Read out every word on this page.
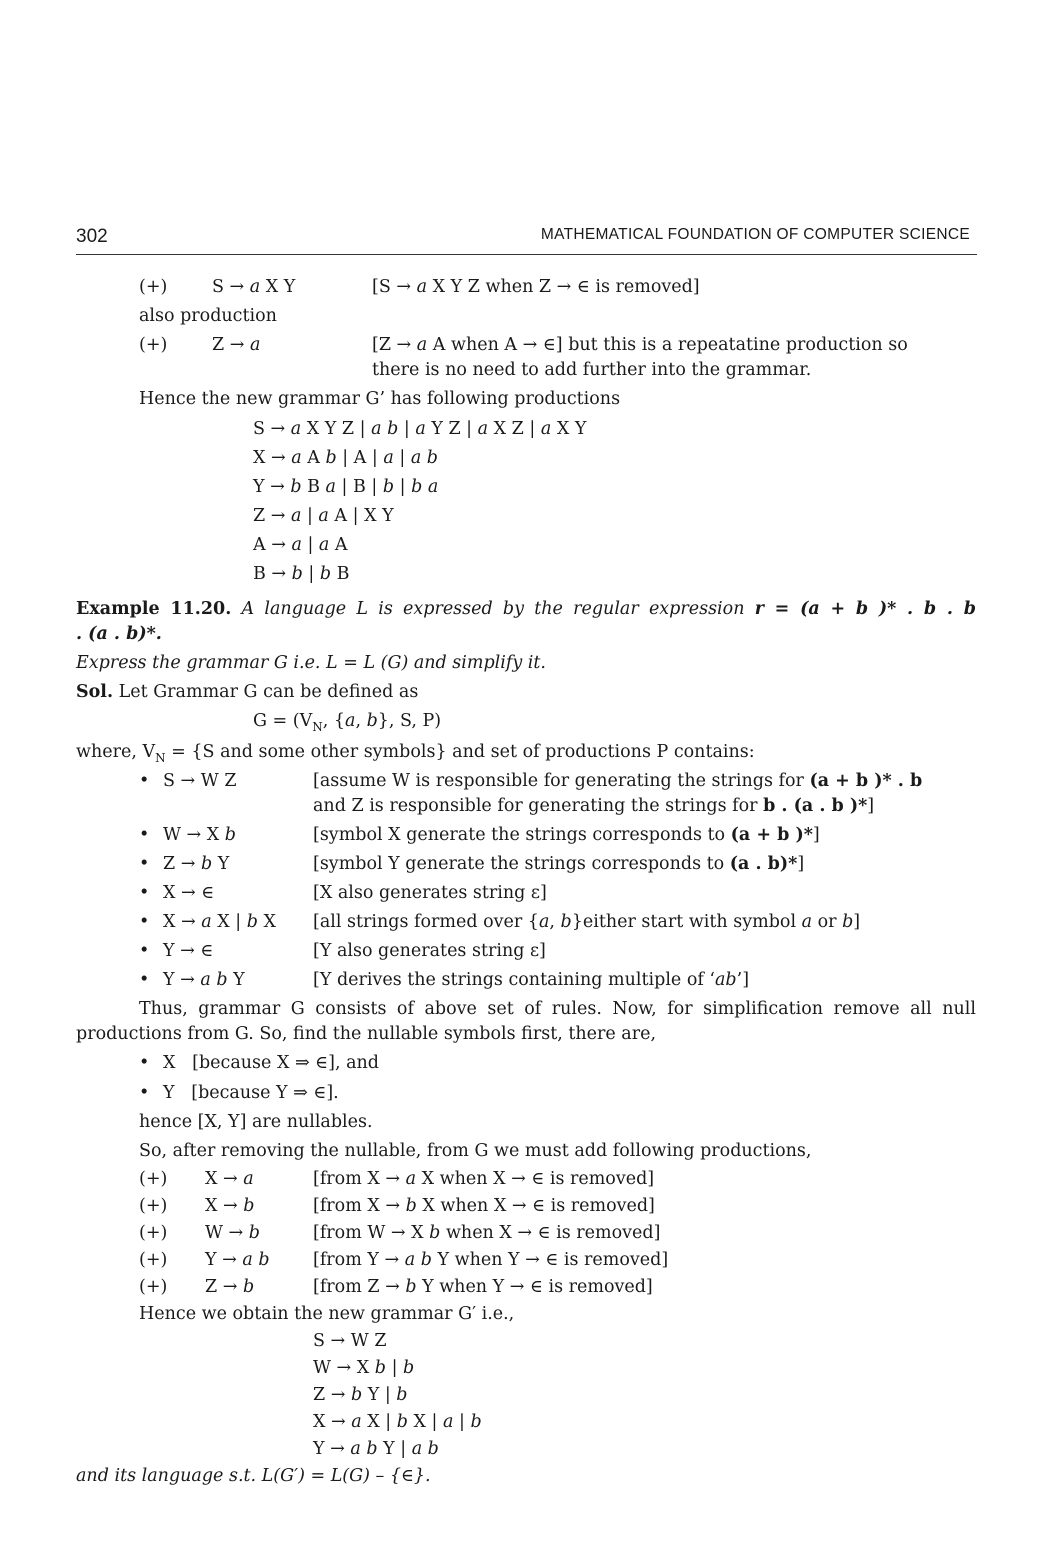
302	MATHEMATICAL FOUNDATION OF COMPUTER SCIENCE
(+)	S → a X Y	[S → a X Y Z when Z → ∈ is removed]
also production
(+)	Z → a	[Z → a A when A → ∈] but this is a repeatatine production so
there is no need to add further into the grammar.
Hence the new grammar G’ has following productions
S → a X Y Z | a b | a Y Z | a X Z | a X Y
X → a A b | A | a | a b
Y → b B a | B | b | b a
Z → a | a A | X Y
A → a | a A
B → b | b B
Example 11.20. A language L is expressed by the regular expression r = (a + b )* . b . b
. (a . b)*.
Express the grammar G i.e. L = L (G) and simplify it.
Sol. Let Grammar G can be defined as
$G = (V_N$, {a, b}, S, P)
where, $V_N = \{S$ and some other symbols} and set of productions P contains:
• S → W Z	[assume W is responsible for generating the strings for (a + b )* . b
and Z is responsible for generating the strings for b . (a . b )*]
• W → X b	[symbol X generate the strings corresponds to (a + b )*]
• Z → b Y	[symbol Y generate the strings corresponds to (a . b)*]
• X → ∈	[X also generates string ε]
• X → a X | b X [all strings formed over {a, b}either start with symbol a or b]
• Y → ∈	[Y also generates string ε]
• Y → a b Y	[Y derives the strings containing multiple of ‘ab’]
Thus, grammar G consists of above set of rules. Now, for simplification remove all null
productions from G. So, find the nullable symbols first, there are,
• X   [because X ⇒ ∈], and
• Y   [because Y ⇒ ∈].
hence [X, Y] are nullables.
So, after removing the nullable, from G we must add following productions,
(+) X → a	[from X → a X when X → ∈ is removed]
(+) X → b	[from X → b X when X → ∈ is removed]
(+) W → b	[from W → X b when X → ∈ is removed]
(+) Y → a b [from Y → a b Y when Y → ∈ is removed]
(+) Z → b	[from Z → b Y when Y → ∈ is removed]
Hence we obtain the new grammar G′ i.e.,
S → W Z
W → X b | b
Z → b Y | b
X → a X | b X | a | b
Y → a b Y | a b
and its language s.t. L(G′) = L(G) – {∈}.
